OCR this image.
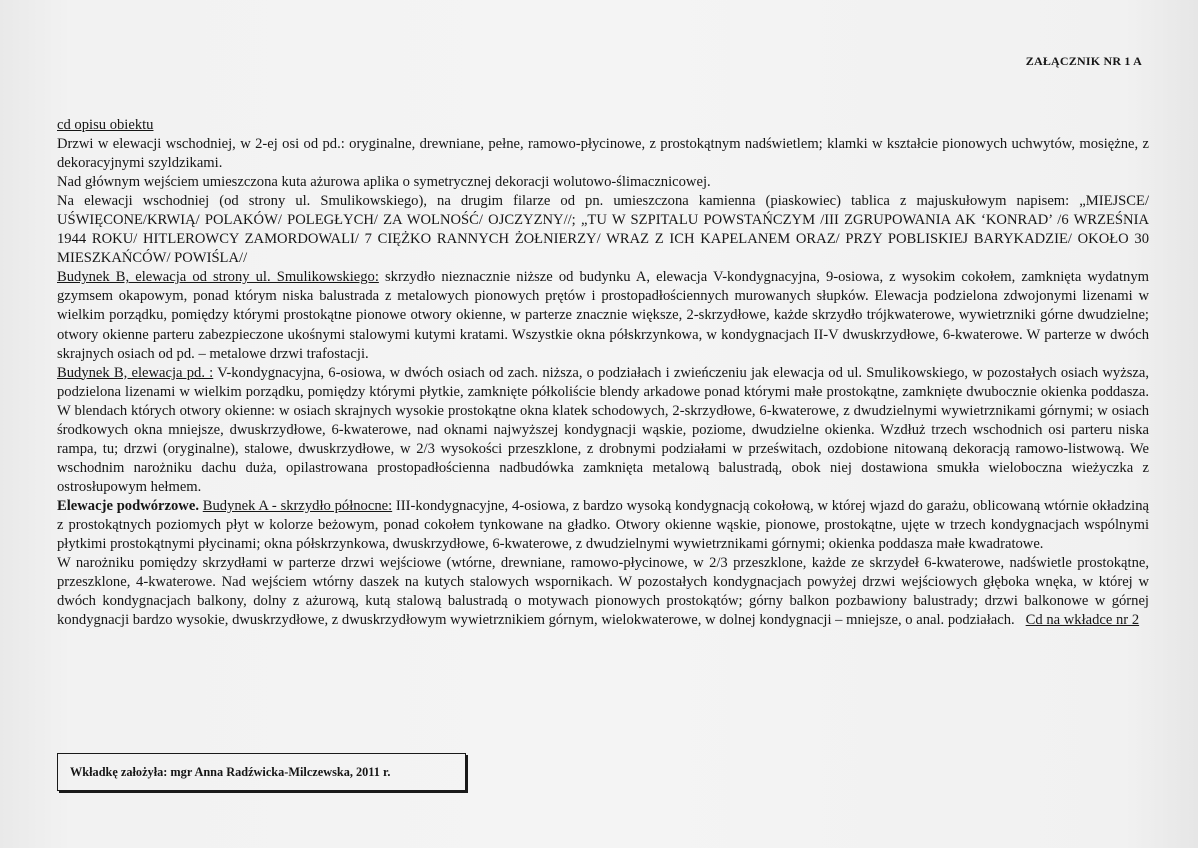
ZAŁĄCZNIK NR 1 A

cd opisu obiektu

Drzwi w elewacji wschodniej, w 2-ej osi od pd.: oryginalne, drewniane, pełne, ramowo-płycinowe, z prostokątnym nadświetlem; klamki w kształcie pionowych uchwytów, mosiężne, z dekoracyjnymi szyldzikami.

Nad głównym wejściem umieszczona kuta ażurowa aplika o symetrycznej dekoracji wolutowo-ślimacznicowej.

Na elewacji wschodniej (od strony ul. Smulikowskiego), na drugim filarze od pn. umieszczona kamienna (piaskowiec) tablica z majuskułowym napisem: „MIEJSCE/ UŚWIĘCONE/KRWIĄ/ POLAKÓW/ POLEGŁYCH/ ZA WOLNOŚĆ/ OJCZYZNY//; „TU W SZPITALU POWSTAŃCZYM /III ZGRUPOWANIA AK ‘KONRAD’ /6 WRZEŚNIA 1944 ROKU/ HITLEROWCY ZAMORDOWALI/ 7 CIĘŻKO RANNYCH ŻOŁNIERZY/ WRAZ Z ICH KAPELANEM ORAZ/ PRZY POBLISKIEJ BARYKADZIE/ OKOŁO 30 MIESZKAŃCÓW/ POWIŚLA//

Budynek B, elewacja od strony ul. Smulikowskiego: skrzydło nieznacznie niższe od budynku A, elewacja V-kondygnacyjna, 9-osiowa, z wysokim cokołem, zamknięta wydatnym gzymsem okapowym, ponad którym niska balustrada z metalowych pionowych prętów i prostopadłościennych murowanych słupków. Elewacja podzielona zdwojonymi lizenami w wielkim porządku, pomiędzy którymi prostokątne pionowe otwory okienne, w parterze znacznie większe, 2-skrzydłowe, każde skrzydło trójkwaterowe, wywietrzniki górne dwudzielne; otwory okienne parteru zabezpieczone ukośnymi stalowymi kutymi kratami. Wszystkie okna półskrzynkowa, w kondygnacjach II-V dwuskrzydłowe, 6-kwaterowe. W parterze w dwóch skrajnych osiach od pd. – metalowe drzwi trafostacji.

Budynek B, elewacja pd. : V-kondygnacyjna, 6-osiowa, w dwóch osiach od zach. niższa, o podziałach i zwieńczeniu jak elewacja od ul. Smulikowskiego, w pozostałych osiach wyższa, podzielona lizenami w wielkim porządku, pomiędzy którymi płytkie, zamknięte półkoliście blendy arkadowe ponad którymi małe prostokątne, zamknięte dwubocznie okienka poddasza. W blendach których otwory okienne: w osiach skrajnych wysokie prostokątne okna klatek schodowych, 2-skrzydłowe, 6-kwaterowe, z dwudzielnymi wywietrznikami górnymi; w osiach środkowych okna mniejsze, dwuskrzydłowe, 6-kwaterowe, nad oknami najwyższej kondygnacji wąskie, poziome, dwudzielne okienka. Wzdłuż trzech wschodnich osi parteru niska rampa, tu; drzwi (oryginalne), stalowe, dwuskrzydłowe, w 2/3 wysokości przeszklone, z drobnymi podziałami w prześwitach, ozdobione nitowaną dekoracją ramowo-listwową. We wschodnim narożniku dachu duża, opilastrowana prostopadłościenna nadbudówka zamknięta metalową balustradą, obok niej dostawiona smukła wieloboczna wieżyczka z ostrosłupowym hełmem.

Elewacje podwórzowe. Budynek A - skrzydło północne: III-kondygnacyjne, 4-osiowa, z bardzo wysoką kondygnacją cokołową, w której wjazd do garażu, oblicowaną wtórnie okładziną z prostokątnych poziomych płyt w kolorze beżowym, ponad cokołem tynkowane na gładko. Otwory okienne wąskie, pionowe, prostokątne, ujęte w trzech kondygnacjach wspólnymi płytkimi prostokątnymi płycinami; okna półskrzynkowa, dwuskrzydłowe, 6-kwaterowe, z dwudzielnymi wywietrznikami górnymi; okienka poddasza małe kwadratowe.

W narożniku pomiędzy skrzydłami w parterze drzwi wejściowe (wtórne, drewniane, ramowo-płycinowe, w 2/3 przeszklone, każde ze skrzydeł 6-kwaterowe, nadświetle prostokątne, przeszklone, 4-kwaterowe. Nad wejściem wtórny daszek na kutych stalowych wspornikach. W pozostałych kondygnacjach powyżej drzwi wejściowych głęboka wnęka, w której w dwóch kondygnacjach balkony, dolny z ażurową, kutą stalową balustradą o motywach pionowych prostokątów; górny balkon pozbawiony balustrady; drzwi balkonowe w górnej kondygnacji bardzo wysokie, dwuskrzydłowe, z dwuskrzydłowym wywietrznikiem górnym, wielokwaterowe, w dolnej kondygnacji – mniejsze, o anal. podziałach. Cd na wkładce nr 2

Wkładkę założyła: mgr Anna Radźwicka-Milczewska, 2011 r.
